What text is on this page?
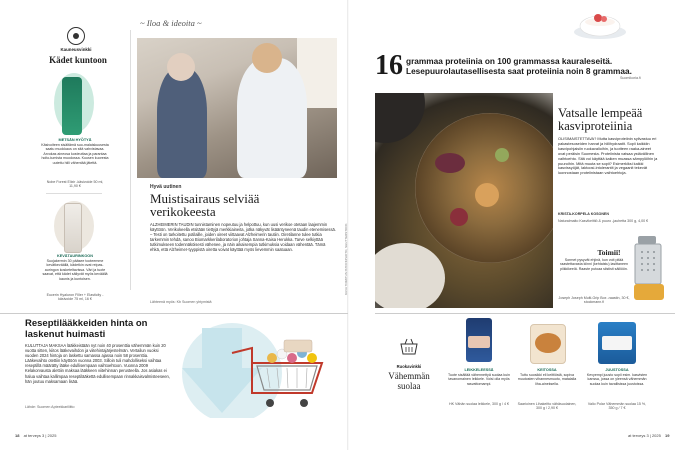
~ Iloa & ideoita ~
Kauneusvinkki
Kädet kuntoon
METSÄN HYÖTYÄ
Käsivoiteen sisältämä suo-malaiskuusesta saatu muokkaus on sitä vahvistavaa. Arvokas aineosa kosteuttaa ja parantaa hoito-tumista muodossa. Kuusen kuoresta uutettu hiili vähentää jätettä.
Nobe Forest Elixir -käsivoide 50 ml, 11,90 €
KEVÄTAURINKOON
Suojakermin 30 pääsee tooteemme kevätkeväällä, kädetkin ovat reipas-auringon kosketeltavissa. Väri ja tuote saavat, että kädet säilyvät myös keväällä kaunis ja kuntoisen.
Eucerin Hyaluron Filler + Elasticity -käsivoide 75 ml, 16 €
Hyvä uutinen
Muistisairaus selviää verikokeesta
ALZHEIMERIN TAUDIN tunnistaminen nopeutuu ja helpottuu, kun uusi verikoe otetaan laajemmin käyttöön. Verikokeella etsitään tiettyjä merkkiaineita, jotka näkyvät lisääntyneenä taudin etenemisessä. – Testi on tarkoitettu potilaille, joiden oireet viittaavat Alzheimerin tautiin. Oiretilanne tulee tutkia tarkemmin tehdä, sanoo Biomarkkerilaboratorion johtaja Sanna-Kaisa Herukka. Tarve selkiyttää tutkimukseen todennäköisesti vähenee, ja näin aikaisempia tutkimuksia voidaan vähentää. Tämä ehkä, että Alzheimer-tyyppistä oiretta voivat käyttää myös lievemmin saatuaan.
Lähteenä myös: Kb Suomen yhtymistä
Reseptilääkkeiden hinta on laskenut huimasti
KULUTTAJA MAKSAA lääkkeistään nyt noin 40 prosenttia vähemmän kuin 20 vuotta sitten, kiitos lääkevaihdon ja viitehintajärjestelmän. Vertailun vuoksi vuoden 2024 hintoja on laskettu samassa ajassa noin 58 prosenttia. Lääkevaihto otettiin käyttöön vuonna 2003. Silloin tuli mahdolliseksi vaihtaa reseptillä määrätty lääke edullisempaan vaihtoehtoon. Vuonna 2009 Kelakorvausta alettiin maksaa lääkkeen viitehinnan perusteella. Jos asiakas ei halua vaihtaa kallimpaa reseptilääkettä edullisempaan rinnakkaisvalmisteeseen, hän joutuu maksamaan lisää.
Lähde: Suomen Apteekkariliitto
18 at terveys 3 | 2025
KUVA TOIMITUS ISTOCKPHOTO, SHUTTERSTOCK
16 grammaa proteiinia on 100 grammassa kauraleseitä. Lesepuurolautasellisesta saat proteiinia noin 8 grammaa.
Suomikoria.fi
Vatsalle lempeää kasviproteiinia
OLISIMAISTETTAVA? Mutta kasviproteiinin sylivastuu eri pakastesoseiden harvat ja hiilihydraatit. Sopii kaikkiin kasvipohjaisiin ruokavalioihin, ja tuotteen raaka-aineet ovat peräisin Suomesta. Proteiinista vatsaa ystävällinen vaihtoehto. Sitä voi käyttää kaiken muassa sämpylöihin ja puuroihin. Mitä muuta se sopii? Esimerkiksi kaikki kasvissyöjät, laktoosi-intolerantit ja vegaanit tekevät luonnostaan proteiinistaan vaihtoehtoja.
KRISTA-KORPELA KOSONEN
Naturalmaito Kasvikeittiö & puuro -jauhetta 300 g, 4,00 €
Toimii!
Sormet pysyvät ehjinä, kun voit pitää raastettavasta kiinni (kehtaistu) lasittaneen piikkikeelä. Raaste putoaa siististi säiliöön.
Joseph Joseph Multi-Grip Box -raastin, 30 €, stockmann.fi
Ruokavinkki
Vähemmän suolaa
LEIKKELEESSÄ
Tuote sisältää vähennettyä suolaa kuin tavanomainen leikkele. Voisi olla myös rasvattomampi.
HK Vähän suolaa leikkele, 300 g / 4 €
KEITOSSA
Tuttu suosikki eli keittiöstä, sopiva muutosten vihannesmuoto, matalalla liha-aineksella.
Saarioinen Lihakeitto vähäsuolainen, 300 g / 2,90 €
JUUSTOSSA
Kevyempi juusto sopii esim. kasvisten kanssa, jossa on yleensä vähemmän suolaa kuin tavallisissa juustoissa.
Valio Polar Vähemmän suolaa 15 %, 350 g / 7 €
at terveys 3 | 2025 19
